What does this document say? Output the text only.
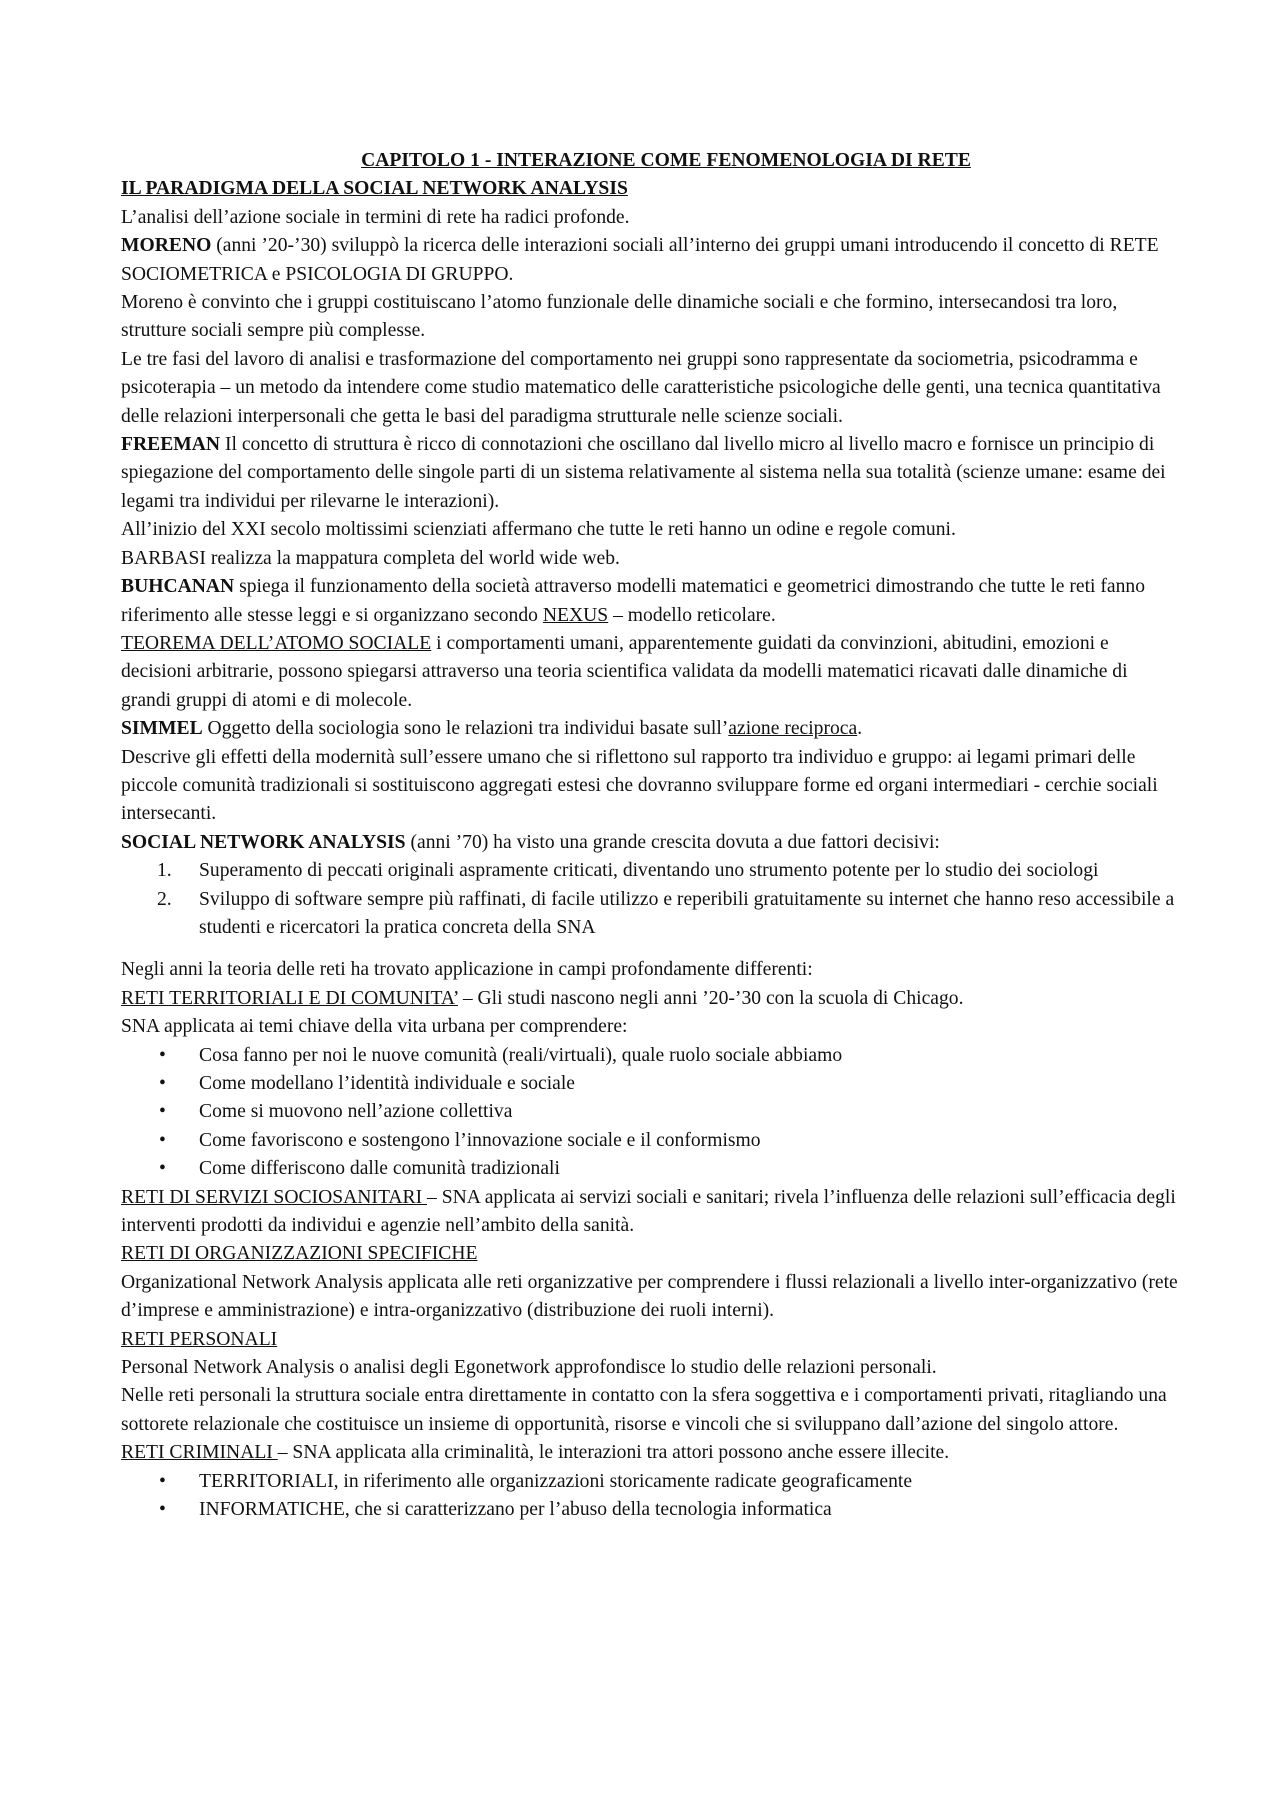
CAPITOLO 1 - INTERAZIONE COME FENOMENOLOGIA DI RETE

IL PARADIGMA DELLA SOCIAL NETWORK ANALYSIS

L’analisi dell’azione sociale in termini di rete ha radici profonde.

MORENO (anni ’20-’30) sviluppò la ricerca delle interazioni sociali all’interno dei gruppi umani introducendo il concetto di RETE SOCIOMETRICA e PSICOLOGIA DI GRUPPO.

Moreno è convinto che i gruppi costituiscano l’atomo funzionale delle dinamiche sociali e che formino, intersecandosi tra loro, strutture sociali sempre più complesse.

Le tre fasi del lavoro di analisi e trasformazione del comportamento nei gruppi sono rappresentate da sociometria, psicodramma e psicoterapia – un metodo da intendere come studio matematico delle caratteristiche psicologiche delle genti, una tecnica quantitativa delle relazioni interpersonali che getta le basi del paradigma strutturale nelle scienze sociali.

FREEMAN Il concetto di struttura è ricco di connotazioni che oscillano dal livello micro al livello macro e fornisce un principio di spiegazione del comportamento delle singole parti di un sistema relativamente al sistema nella sua totalità (scienze umane: esame dei legami tra individui per rilevarne le interazioni).

All’inizio del XXI secolo moltissimi scienziati affermano che tutte le reti hanno un odine e regole comuni.

BARBASI realizza la mappatura completa del world wide web.

BUHCANAN spiega il funzionamento della società attraverso modelli matematici e geometrici dimostrando che tutte le reti fanno riferimento alle stesse leggi e si organizzano secondo NEXUS – modello reticolare.

TEOREMA DELL’ATOMO SOCIALE i comportamenti umani, apparentemente guidati da convinzioni, abitudini, emozioni e decisioni arbitrarie, possono spiegarsi attraverso una teoria scientifica validata da modelli matematici ricavati dalle dinamiche di grandi gruppi di atomi e di molecole.

SIMMEL Oggetto della sociologia sono le relazioni tra individui basate sull’azione reciproca.

Descrive gli effetti della modernità sull’essere umano che si riflettono sul rapporto tra individuo e gruppo: ai legami primari delle piccole comunità tradizionali si sostituiscono aggregati estesi che dovranno sviluppare forme ed organi intermediari - cerchie sociali intersecanti.

SOCIAL NETWORK ANALYSIS (anni ’70) ha visto una grande crescita dovuta a due fattori decisivi:

1. Superamento di peccati originali aspramente criticati, diventando uno strumento potente per lo studio dei sociologi
2. Sviluppo di software sempre più raffinati, di facile utilizzo e reperibili gratuitamente su internet che hanno reso accessibile a studenti e ricercatori la pratica concreta della SNA

Negli anni la teoria delle reti ha trovato applicazione in campi profondamente differenti:

RETI TERRITORIALI E DI COMUNITA’ – Gli studi nascono negli anni ’20-’30 con la scuola di Chicago.

SNA applicata ai temi chiave della vita urbana per comprendere:

• Cosa fanno per noi le nuove comunità (reali/virtuali), quale ruolo sociale abbiamo
• Come modellano l’identità individuale e sociale
• Come si muovono nell’azione collettiva
• Come favoriscono e sostengono l’innovazione sociale e il conformismo
• Come differiscono dalle comunità tradizionali

RETI DI SERVIZI SOCIOSANITARI – SNA applicata ai servizi sociali e sanitari; rivela l’influenza delle relazioni sull’efficacia degli interventi prodotti da individui e agenzie nell’ambito della sanità.

RETI DI ORGANIZZAZIONI SPECIFICHE

Organizational Network Analysis applicata alle reti organizzative per comprendere i flussi relazionali a livello inter-organizzativo (rete d’imprese e amministrazione) e intra-organizzativo (distribuzione dei ruoli interni).

RETI PERSONALI

Personal Network Analysis o analisi degli Egonetwork approfondisce lo studio delle relazioni personali.

Nelle reti personali la struttura sociale entra direttamente in contatto con la sfera soggettiva e i comportamenti privati, ritagliando una sottorete relazionale che costituisce un insieme di opportunità, risorse e vincoli che si sviluppano dall’azione del singolo attore.

RETI CRIMINALI – SNA applicata alla criminalità, le interazioni tra attori possono anche essere illecite.

• TERRITORIALI, in riferimento alle organizzazioni storicamente radicate geograficamente
• INFORMATICHE, che si caratterizzano per l’abuso della tecnologia informatica
